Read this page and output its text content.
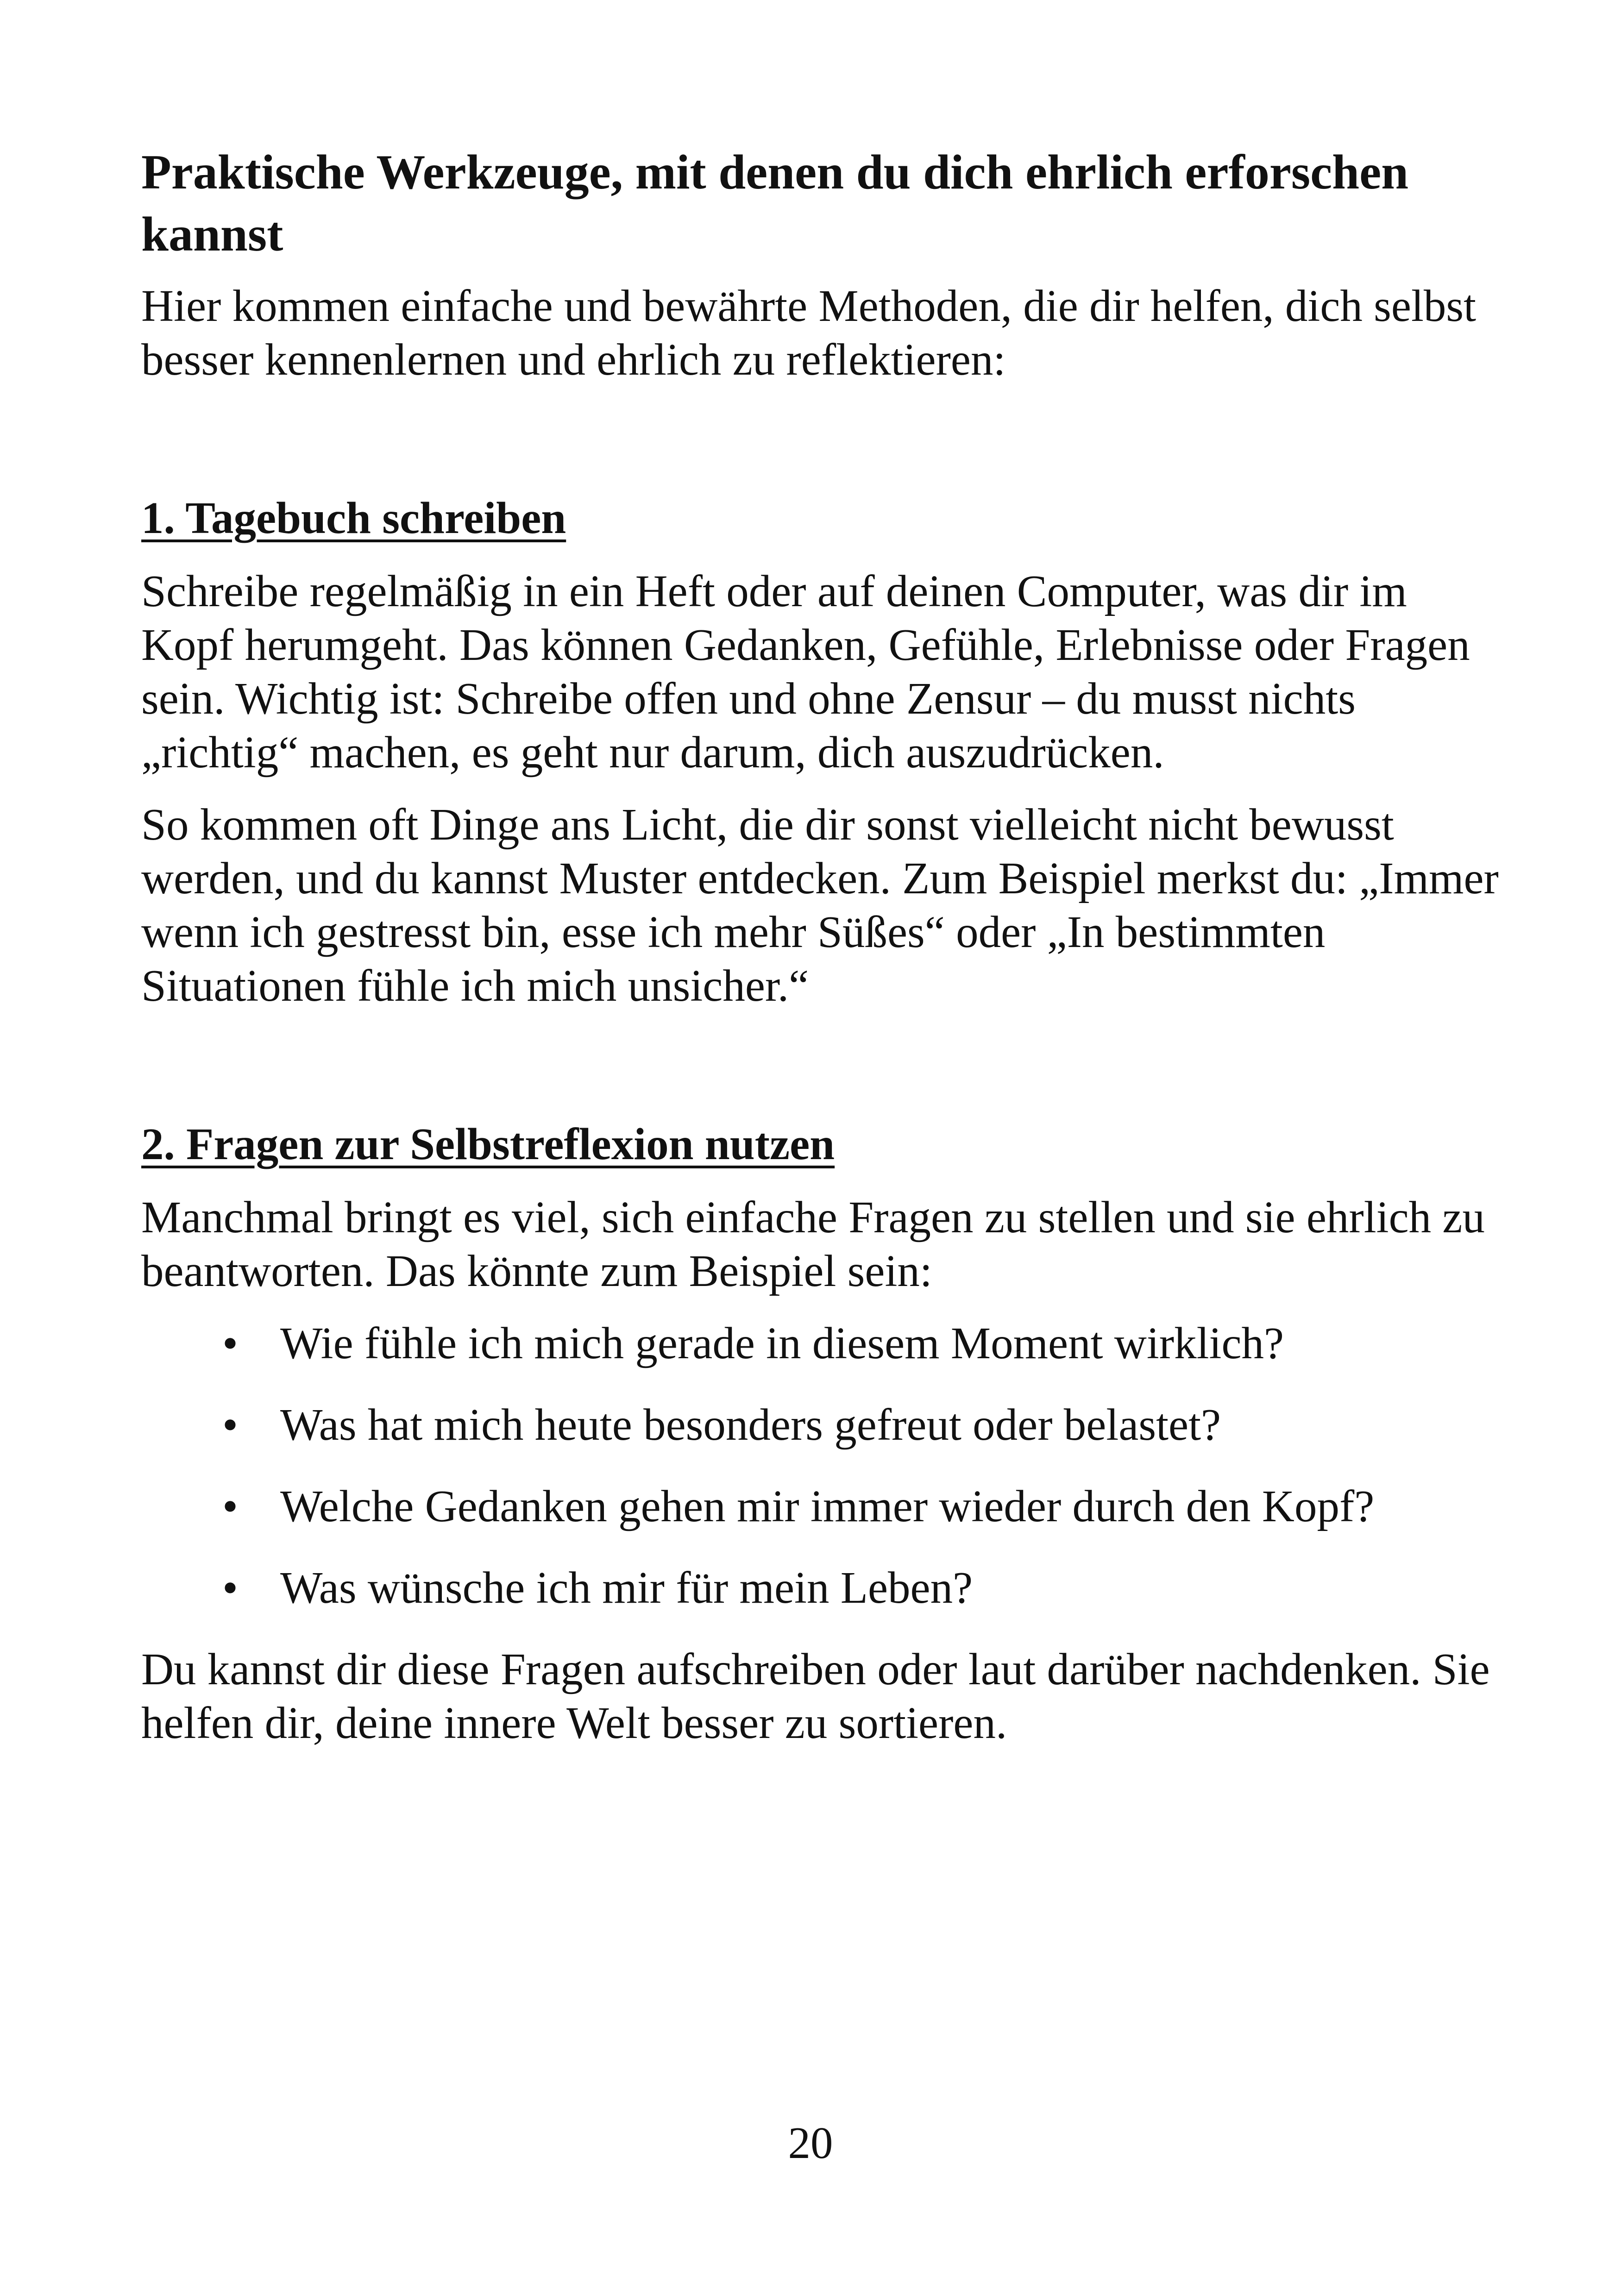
Praktische Werkzeuge, mit denen du dich ehrlich erforschen kannst

Hier kommen einfache und bewährte Methoden, die dir helfen, dich selbst besser kennenlernen und ehrlich zu reflektieren:

1. Tagebuch schreiben

Schreibe regelmäßig in ein Heft oder auf deinen Computer, was dir im Kopf herumgeht. Das können Gedanken, Gefühle, Erlebnisse oder Fragen sein. Wichtig ist: Schreibe offen und ohne Zensur – du musst nichts „richtig“ machen, es geht nur darum, dich auszudrücken.

So kommen oft Dinge ans Licht, die dir sonst vielleicht nicht bewusst werden, und du kannst Muster entdecken. Zum Beispiel merkst du: „Immer wenn ich gestresst bin, esse ich mehr Süßes“ oder „In bestimmten Situationen fühle ich mich unsicher.“

2. Fragen zur Selbstreflexion nutzen

Manchmal bringt es viel, sich einfache Fragen zu stellen und sie ehrlich zu beantworten. Das könnte zum Beispiel sein:

• Wie fühle ich mich gerade in diesem Moment wirklich?
• Was hat mich heute besonders gefreut oder belastet?
• Welche Gedanken gehen mir immer wieder durch den Kopf?
• Was wünsche ich mir für mein Leben?

Du kannst dir diese Fragen aufschreiben oder laut darüber nachdenken. Sie helfen dir, deine innere Welt besser zu sortieren.

20
